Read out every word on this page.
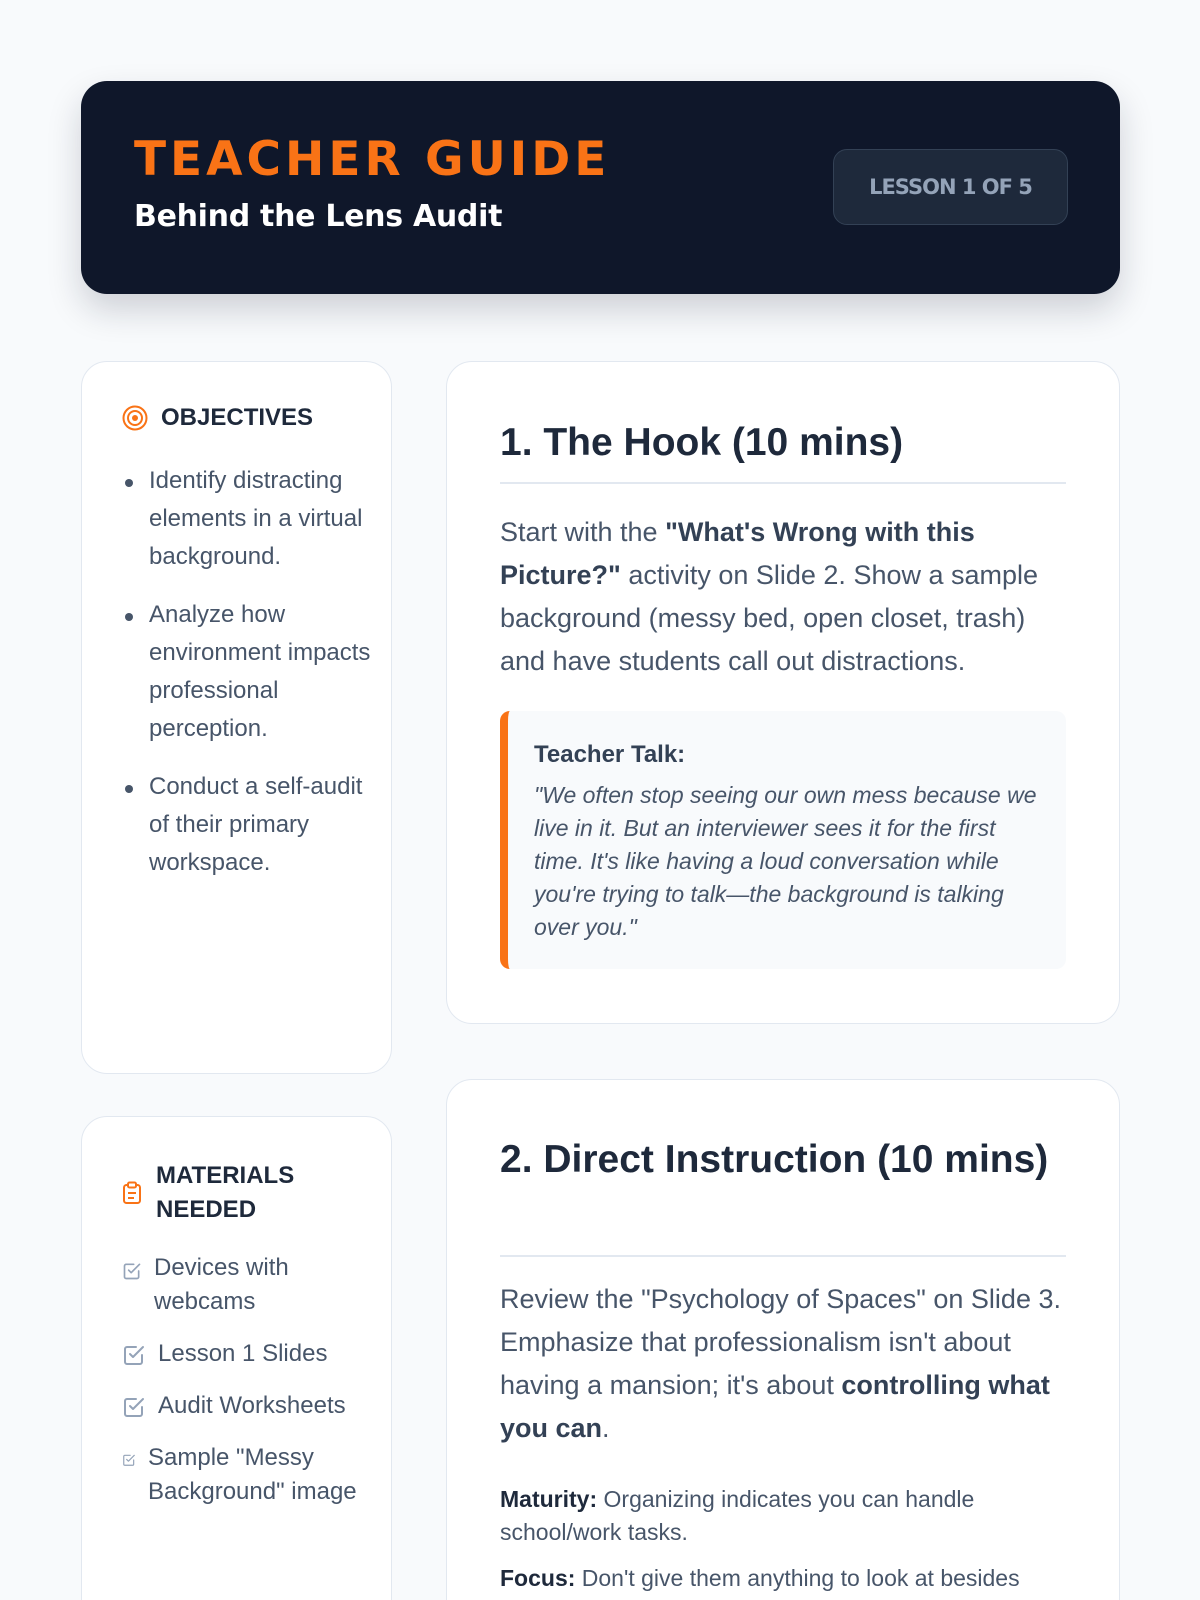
TEACHER GUIDE
Behind the Lens Audit
LESSON 1 OF 5
OBJECTIVES
Identify distracting elements in a virtual background.
Analyze how environment impacts professional perception.
Conduct a self-audit of their primary workspace.
MATERIALS NEEDED
Devices with webcams
Lesson 1 Slides
Audit Worksheets
Sample "Messy Background" image
1. The Hook (10 mins)
Start with the "What's Wrong with this Picture?" activity on Slide 2. Show a sample background (messy bed, open closet, trash) and have students call out distractions.
Teacher Talk:
"We often stop seeing our own mess because we live in it. But an interviewer sees it for the first time. It's like having a loud conversation while you're trying to talk—the background is talking over you."
2. Direct Instruction (10 mins)
Review the "Psychology of Spaces" on Slide 3. Emphasize that professionalism isn't about having a mansion; it's about controlling what you can.
Maturity: Organizing indicates you can handle school/work tasks.
Focus: Don't give them anything to look at besides
